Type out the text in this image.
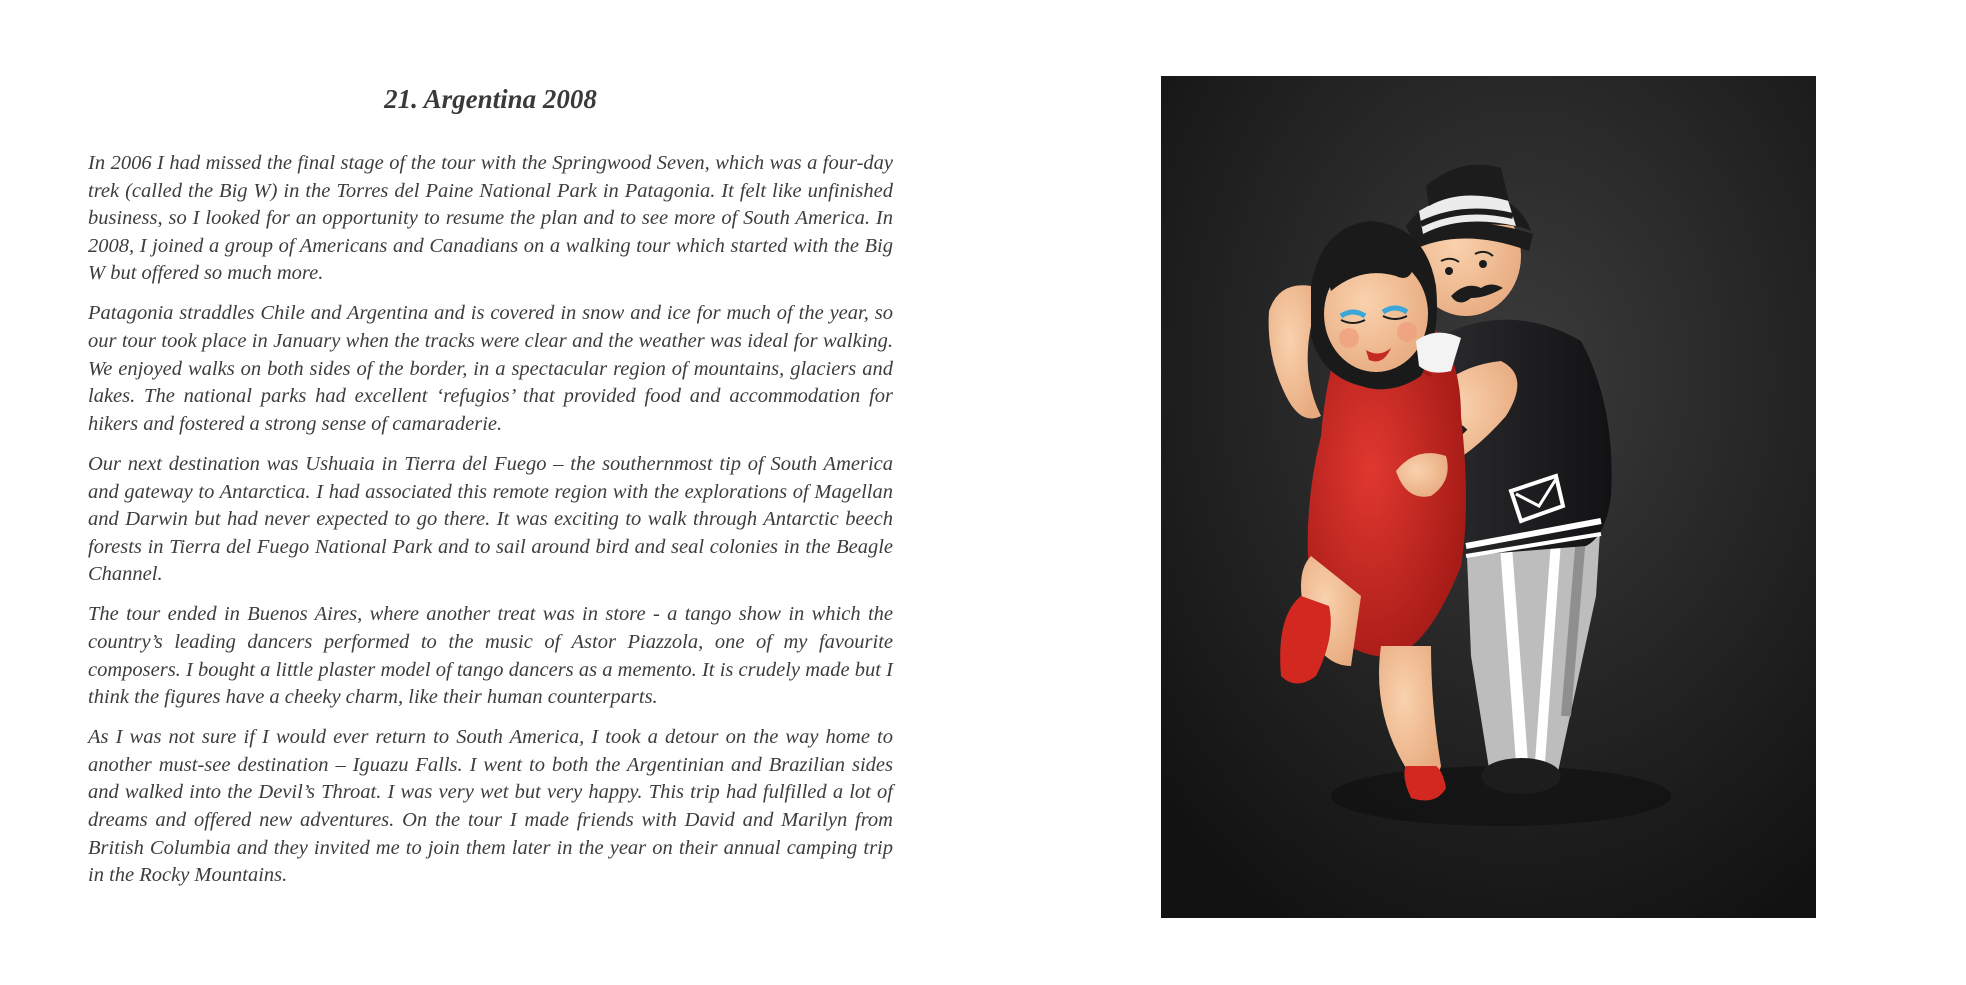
21. Argentina 2008

In 2006 I had missed the final stage of the tour with the Springwood Seven, which was a four-day trek (called the Big W) in the Torres del Paine National Park in Patagonia. It felt like unfinished business, so I looked for an opportunity to resume the plan and to see more of South America. In 2008, I joined a group of Americans and Canadians on a walking tour which started with the Big W but offered so much more.

Patagonia straddles Chile and Argentina and is covered in snow and ice for much of the year, so our tour took place in January when the tracks were clear and the weather was ideal for walking. We enjoyed walks on both sides of the border, in a spectacular region of mountains, glaciers and lakes. The national parks had excellent ‘refugios’ that provided food and accommodation for hikers and fostered a strong sense of camaraderie.

Our next destination was Ushuaia in Tierra del Fuego – the southernmost tip of South America and gateway to Antarctica. I had associated this remote region with the explorations of Magellan and Darwin but had never expected to go there. It was exciting to walk through Antarctic beech forests in Tierra del Fuego National Park and to sail around bird and seal colonies in the Beagle Channel.

The tour ended in Buenos Aires, where another treat was in store - a tango show in which the country’s leading dancers performed to the music of Astor Piazzola, one of my favourite composers. I bought a little plaster model of tango dancers as a memento. It is crudely made but I think the figures have a cheeky charm, like their human counterparts.

As I was not sure if I would ever return to South America, I took a detour on the way home to another must-see destination – Iguazu Falls. I went to both the Argentinian and Brazilian sides and walked into the Devil’s Throat. I was very wet but very happy. This trip had fulfilled a lot of dreams and offered new adventures. On the tour I made friends with David and Marilyn from British Columbia and they invited me to join them later in the year on their annual camping trip in the Rocky Mountains.
